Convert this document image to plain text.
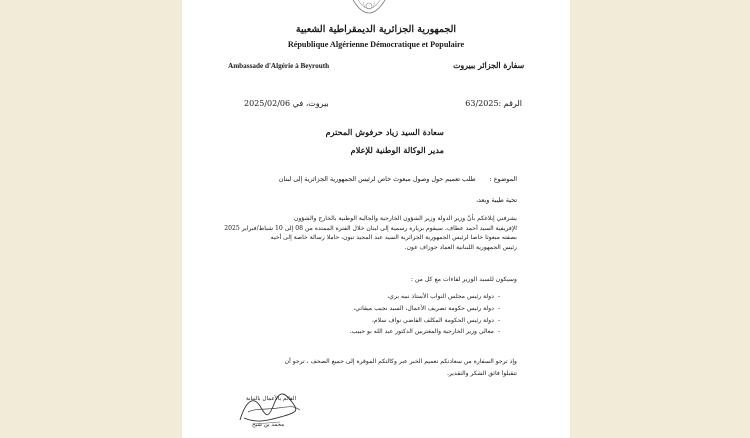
الجمهورية الجزائرية الديمقراطية الشعبية
République Algérienne Démocratique et Populaire
Ambassade d'Algérie à Beyrouth	سفارة الجزائر ببيروت
بيروت، في 2025/02/06	الرقم :63/2025
سعادة السيد زياد حرفوش المحترم
مدير الوكالة الوطنية للإعلام
الموضوع :طلب تعميم حول وصول مبعوث خاص لرئيس الجمهورية الجزائرية إلى لبنان
تحية طيبة وبعد،
يشرفني إبلاغكم بأنّ وزير الدولة وزير الشؤون الخارجية والجالية الوطنية بالخارج والشؤون
الإفريقية السيد أحمد عطاف، سيقوم بزيارة رسمية إلى لبنان خلال الفترة الممتدة من 08 إلى 10 شباط/فبراير 2025
بصفته مبعوثا خاصا لرئيس الجمهورية الجزائرية السيد عبد المجيد تبون، حاملا رسالة خاصة إلى أخيه
رئيس الجمهورية اللبنانية العماد جوزاف عون.
وسيكون للسيد الوزير لقاءات مع كل من :
-دولة رئيس مجلس النواب الأستاذ نبيه بري،
-دولة رئيس حكومة تصريف الأعمال، السيد نجيب ميقاتي،
-دولة رئيس الحكومة المكلف القاضي نواف سلام،
-معالي وزير الخارجية والمغتربين الدكتور عبد الله بو حبيب.
وإذ ترجو السفارة من سعادتكم تعميم الخبر عبر وكالتكم الموقرة إلى جميع الصحف ، ترجو أن
تتقبلوا فائق الشكر والتقدير.
القائم بالأعمال بالنيابة
محمد بن شيخ
